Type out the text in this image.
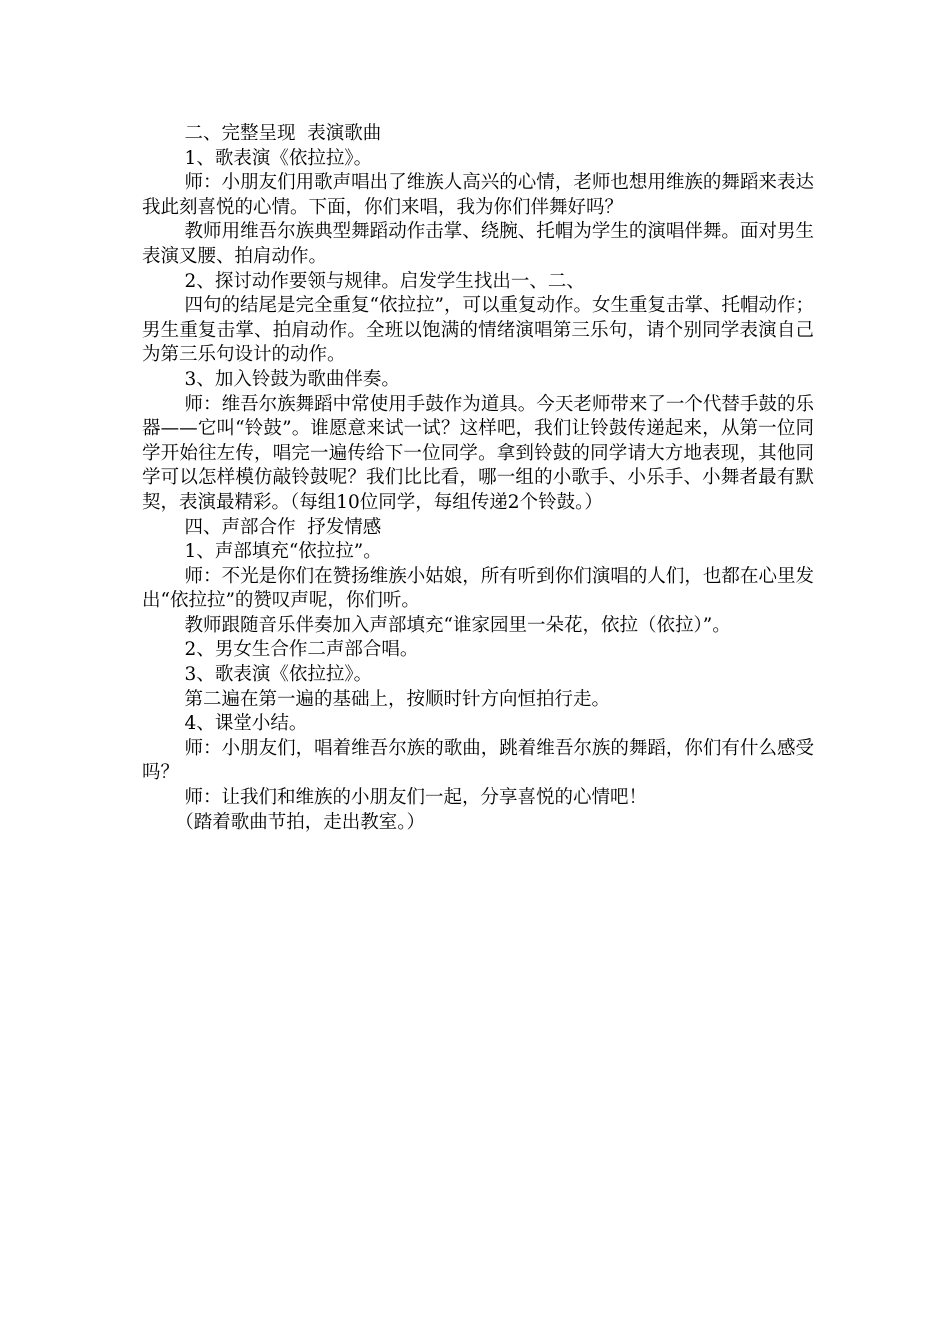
二、完整呈现  表演歌曲

1、歌表演《依拉拉》。

师：小朋友们用歌声唱出了维族人高兴的心情，老师也想用维族的舞蹈来表达我此刻喜悦的心情。下面，你们来唱，我为你们伴舞好吗？

教师用维吾尔族典型舞蹈动作击掌、绕腕、托帽为学生的演唱伴舞。面对男生表演叉腰、拍肩动作。

2、探讨动作要领与规律。启发学生找出一、二、

四句的结尾是完全重复“依拉拉”，可以重复动作。女生重复击掌、托帽动作；男生重复击掌、拍肩动作。全班以饱满的情绪演唱第三乐句，请个别同学表演自己为第三乐句设计的动作。

3、加入铃鼓为歌曲伴奏。

师：维吾尔族舞蹈中常使用手鼓作为道具。今天老师带来了一个代替手鼓的乐器——它叫“铃鼓”。谁愿意来试一试？这样吧，我们让铃鼓传递起来，从第一位同学开始往左传，唱完一遍传给下一位同学。拿到铃鼓的同学请大方地表现，其他同学可以怎样模仿敲铃鼓呢？我们比比看，哪一组的小歌手、小乐手、小舞者最有默契，表演最精彩。（每组10位同学，每组传递2个铃鼓。）

四、声部合作  抒发情感

1、声部填充“依拉拉”。

师：不光是你们在赞扬维族小姑娘，所有听到你们演唱的人们，也都在心里发出“依拉拉”的赞叹声呢，你们听。

教师跟随音乐伴奏加入声部填充“谁家园里一朵花，依拉（依拉）”。

2、男女生合作二声部合唱。

3、歌表演《依拉拉》。

第二遍在第一遍的基础上，按顺时针方向恒拍行走。

4、课堂小结。

师：小朋友们，唱着维吾尔族的歌曲，跳着维吾尔族的舞蹈，你们有什么感受吗？

师：让我们和维族的小朋友们一起，分享喜悦的心情吧！

（踏着歌曲节拍，走出教室。）
